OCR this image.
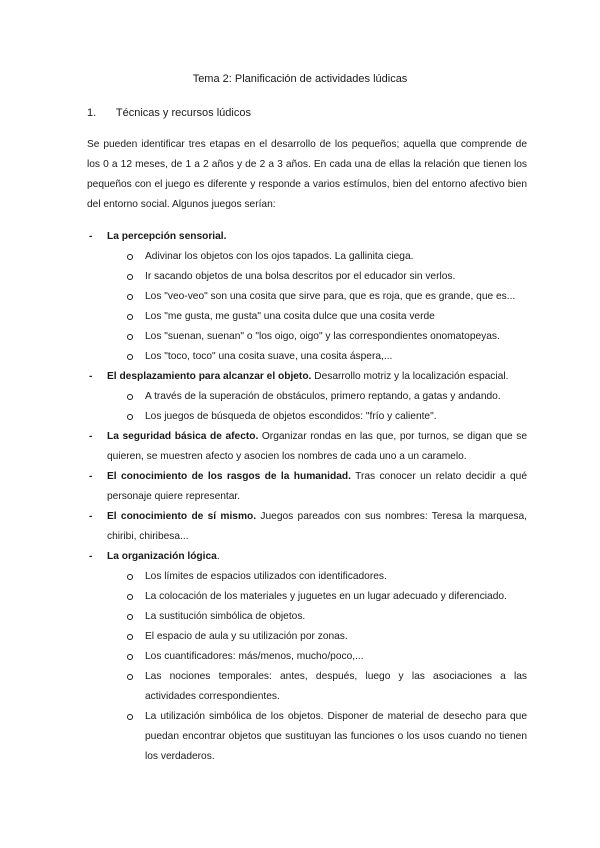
Tema 2: Planificación de actividades lúdicas
1. Técnicas y recursos lúdicos

Se pueden identificar tres etapas en el desarrollo de los pequeños; aquella que comprende de los 0 a 12 meses, de 1 a 2 años y de 2 a 3 años. En cada una de ellas la relación que tienen los pequeños con el juego es diferente y responde a varios estímulos, bien del entorno afectivo bien del entorno social. Algunos juegos serían:

- La percepción sensorial.
Adivinar los objetos con los ojos tapados. La gallinita ciega.
Ir sacando objetos de una bolsa descritos por el educador sin verlos.
Los "veo-veo" son una cosita que sirve para, que es roja, que es grande, que es...
Los "me gusta, me gusta" una cosita dulce que una cosita verde
Los "suenan, suenan" o "los oigo, oigo" y las correspondientes onomatopeyas.
Los "toco, toco" una cosita suave, una cosita áspera,...
- El desplazamiento para alcanzar el objeto. Desarrollo motriz y la localización espacial.
A través de la superación de obstáculos, primero reptando, a gatas y andando.
Los juegos de búsqueda de objetos escondidos: "frío y caliente".
- La seguridad básica de afecto. Organizar rondas en las que, por turnos, se digan que se quieren, se muestren afecto y asocien los nombres de cada uno a un caramelo.
- El conocimiento de los rasgos de la humanidad. Tras conocer un relato decidir a qué personaje quiere representar.
- El conocimiento de sí mismo. Juegos pareados con sus nombres: Teresa la marquesa, chiribi, chiribesa...
- La organización lógica.
Los límites de espacios utilizados con identificadores.
La colocación de los materiales y juguetes en un lugar adecuado y diferenciado.
La sustitución simbólica de objetos.
El espacio de aula y su utilización por zonas.
Los cuantificadores: más/menos, mucho/poco,...
Las nociones temporales: antes, después, luego y las asociaciones a las actividades correspondientes.
La utilización simbólica de los objetos. Disponer de material de desecho para que puedan encontrar objetos que sustituyan las funciones o los usos cuando no tienen los verdaderos.
